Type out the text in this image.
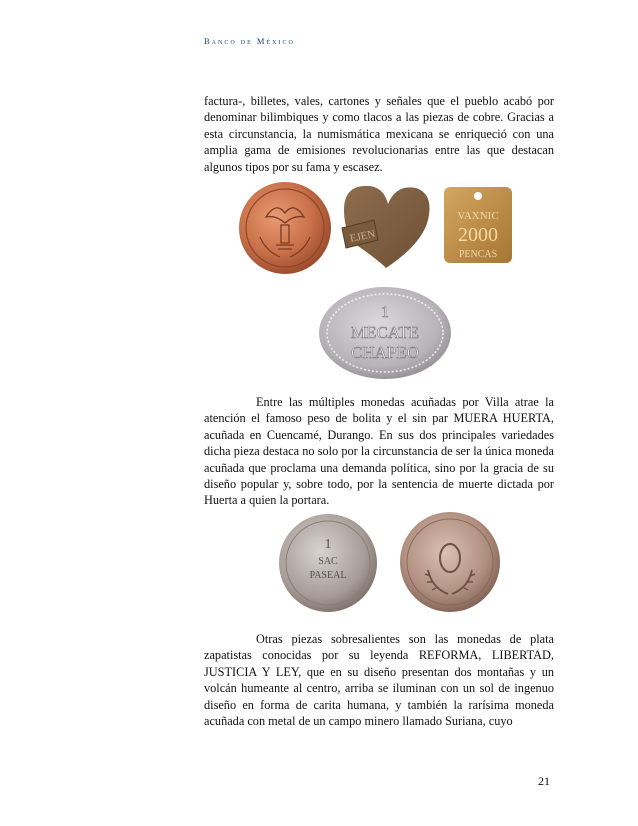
Banco de México
factura-, billetes, vales, cartones y señales que el pueblo acabó por denominar bilimbiques y como tlacos a las piezas de cobre. Gracias a esta circunstancia, la numismática mexicana se enriqueció con una amplia gama de emisiones revolucionarias entre las que destacan algunos tipos por su fama y escasez.
EJEN
VAXNIC
2000
PENCAS
1
MECATE
CHAPEO
Entre las múltiples monedas acuñadas por Villa atrae la atención el famoso peso de bolita y el sin par MUERA HUERTA, acuñada en Cuencamé, Durango. En sus dos principales variedades dicha pieza destaca no solo por la circunstancia de ser la única moneda acuñada que proclama una demanda política, sino por la gracia de su diseño popular y, sobre todo, por la sentencia de muerte dictada por Huerta a quien la portara.
1
SAC
PASEAL
Otras piezas sobresalientes son las monedas de plata zapatistas conocidas por su leyenda REFORMA, LIBERTAD, JUSTICIA Y LEY, que en su diseño presentan dos montañas y un volcán humeante al centro, arriba se iluminan con un sol de ingenuo diseño en forma de carita humana, y también la rarísima moneda acuñada con metal de un campo minero llamado Suriana, cuyo
21
